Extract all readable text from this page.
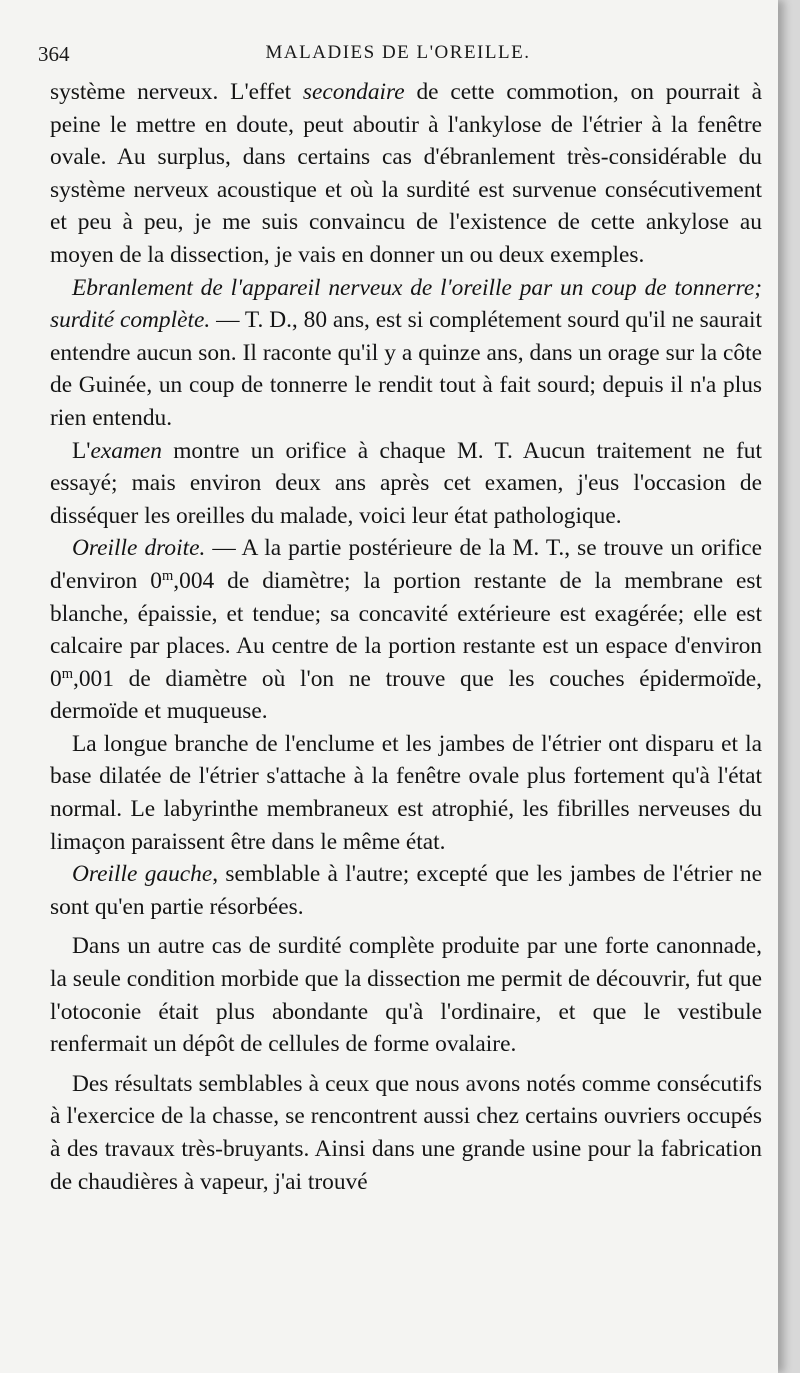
364	MALADIES DE L'OREILLE.

système nerveux. L'effet secondaire de cette commotion, on pourrait à peine le mettre en doute, peut aboutir à l'ankylose de l'étrier à la fenêtre ovale. Au surplus, dans certains cas d'ébranlement très-considérable du système nerveux acoustique et où la surdité est survenue consécutivement et peu à peu, je me suis convaincu de l'existence de cette ankylose au moyen de la dissection, je vais en donner un ou deux exemples.

Ebranlement de l'appareil nerveux de l'oreille par un coup de tonnerre; surdité complète. — T. D., 80 ans, est si complétement sourd qu'il ne saurait entendre aucun son. Il raconte qu'il y a quinze ans, dans un orage sur la côte de Guinée, un coup de tonnerre le rendit tout à fait sourd; depuis il n'a plus rien entendu.

L'examen montre un orifice à chaque M. T. Aucun traitement ne fut essayé; mais environ deux ans après cet examen, j'eus l'occasion de disséquer les oreilles du malade, voici leur état pathologique.

Oreille droite. — A la partie postérieure de la M. T., se trouve un orifice d'environ 0$^m$,004 de diamètre; la portion restante de la membrane est blanche, épaissie, et tendue; sa concavité extérieure est exagérée; elle est calcaire par places. Au centre de la portion restante est un espace d'environ 0$^m$,001 de diamètre où l'on ne trouve que les couches épidermoïde, dermoïde et muqueuse.

La longue branche de l'enclume et les jambes de l'étrier ont disparu et la base dilatée de l'étrier s'attache à la fenêtre ovale plus fortement qu'à l'état normal. Le labyrinthe membraneux est atrophié, les fibrilles nerveuses du limaçon paraissent être dans le même état.

Oreille gauche, semblable à l'autre; excepté que les jambes de l'étrier ne sont qu'en partie résorbées.

Dans un autre cas de surdité complète produite par une forte canonnade, la seule condition morbide que la dissection me permit de découvrir, fut que l'otoconie était plus abondante qu'à l'ordinaire, et que le vestibule renfermait un dépôt de cellules de forme ovalaire.

Des résultats semblables à ceux que nous avons notés comme consécutifs à l'exercice de la chasse, se rencontrent aussi chez certains ouvriers occupés à des travaux très-bruyants. Ainsi dans une grande usine pour la fabrication de chaudières à vapeur, j'ai trouvé
